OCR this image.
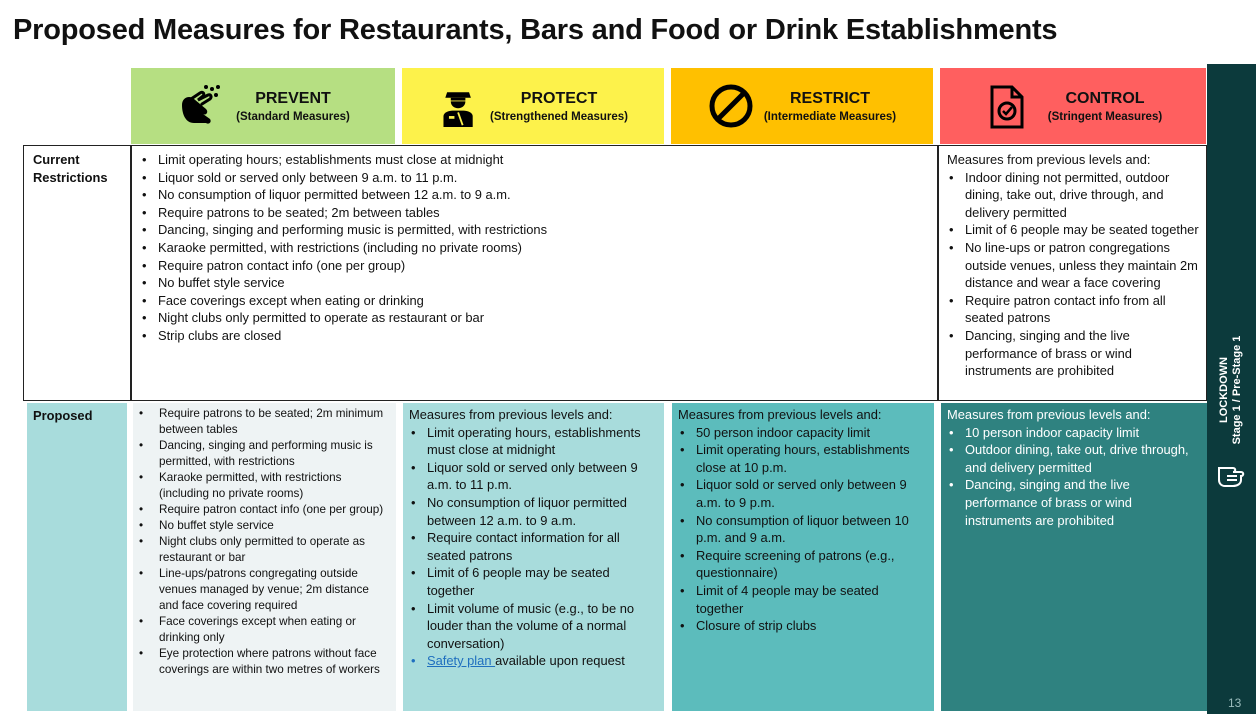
Proposed Measures for Restaurants, Bars and Food or Drink Establishments
PREVENT
(Standard Measures)
PROTECT
(Strengthened Measures)
RESTRICT
(Intermediate Measures)
CONTROL
(Stringent Measures)
Current Restrictions
• Limit operating hours; establishments must close at midnight
• Liquor sold or served only between 9 a.m. to 11 p.m.
• No consumption of liquor permitted between 12 a.m. to 9 a.m.
• Require patrons to be seated; 2m between tables
• Dancing, singing and performing music is permitted, with restrictions
• Karaoke permitted, with restrictions (including no private rooms)
• Require patron contact info (one per group)
• No buffet style service
• Face coverings except when eating or drinking
• Night clubs only permitted to operate as restaurant or bar
• Strip clubs are closed
Measures from previous levels and:
• Indoor dining not permitted, outdoor dining, take out, drive through, and delivery permitted
• Limit of 6 people may be seated together
• No line-ups or patron congregations outside venues, unless they maintain 2m distance and wear a face covering
• Require patron contact info from all seated patrons
• Dancing, singing and the live performance of brass or wind instruments are prohibited
Proposed
•	Require patrons to be seated; 2m minimum between tables
• Dancing, singing and performing music is permitted, with restrictions
• Karaoke permitted, with restrictions (including no private rooms)
• Require patron contact info (one per group)
• No buffet style service
• Night clubs only permitted to operate as restaurant or bar
• Line-ups/patrons congregating outside venues managed by venue; 2m distance and face covering required
• Face coverings except when eating or drinking only
• Eye protection where patrons without face coverings are within two metres of workers
Measures from previous levels and:
• Limit operating hours, establishments must close at midnight
• Liquor sold or served only between 9 a.m. to 11 p.m.
• No consumption of liquor permitted between 12 a.m. to 9 a.m.
• Require contact information for all seated patrons
• Limit of 6 people may be seated together
• Limit volume of music (e.g., to be no louder than the volume of a normal conversation)
• Safety plan available upon request
Measures from previous levels and:
• 50 person indoor capacity limit
• Limit operating hours, establishments close at 10 p.m.
• Liquor sold or served only between 9 a.m. to 9 p.m.
• No consumption of liquor between 10 p.m. and 9 a.m.
• Require screening of patrons (e.g., questionnaire)
• Limit of 4 people may be seated together
• Closure of strip clubs
Measures from previous levels and:
• 10 person indoor capacity limit
• Outdoor dining, take out, drive through, and delivery permitted
• Dancing, singing and the live performance of brass or wind instruments are prohibited
LOCKDOWN Stage 1 / Pre-Stage 1
13
